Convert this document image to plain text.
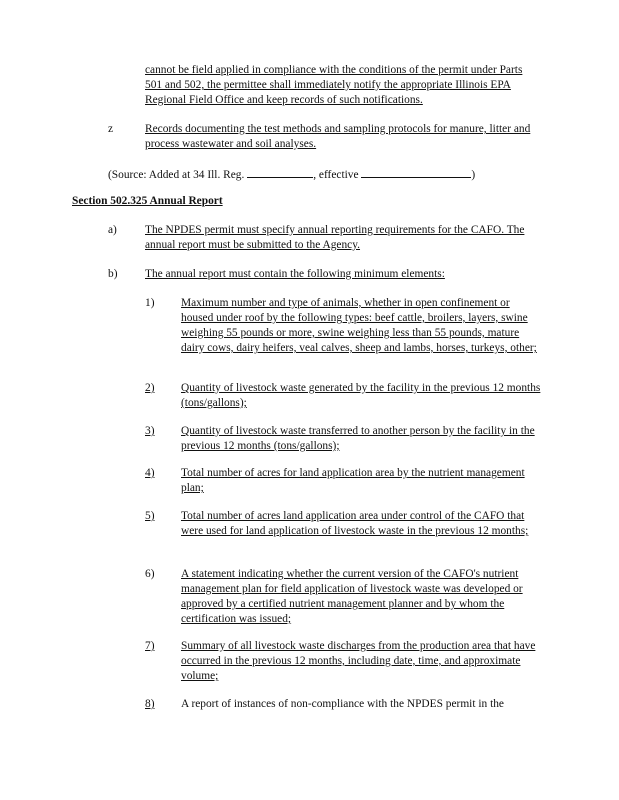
cannot be field applied in compliance with the conditions of the permit under Parts 501 and 502, the permittee shall immediately notify the appropriate Illinois EPA Regional Field Office and keep records of such notifications.

z	Records documenting the test methods and sampling protocols for manure, litter and process wastewater and soil analyses.

(Source: Added at 34 Ill. Reg.	, effective	)

Section 502.325 Annual Report

a) The NPDES permit must specify annual reporting requirements for the CAFO. The annual report must be submitted to the Agency.

b) The annual report must contain the following minimum elements:

1) Maximum number and type of animals, whether in open confinement or housed under roof by the following types: beef cattle, broilers, layers, swine weighing 55 pounds or more, swine weighing less than 55 pounds, mature dairy cows, dairy heifers, veal calves, sheep and lambs, horses, turkeys, other;

2) Quantity of livestock waste generated by the facility in the previous 12 months (tons/gallons);

3) Quantity of livestock waste transferred to another person by the facility in the previous 12 months (tons/gallons);

4) Total number of acres for land application area by the nutrient management plan;

5) Total number of acres land application area under control of the CAFO that were used for land application of livestock waste in the previous 12 months;

6) A statement indicating whether the current version of the CAFO's nutrient management plan for field application of livestock waste was developed or approved by a certified nutrient management planner and by whom the certification was issued;

7) Summary of all livestock waste discharges from the production area that have occurred in the previous 12 months, including date, time, and approximate volume;

8) A report of instances of non-compliance with the NPDES permit in the
